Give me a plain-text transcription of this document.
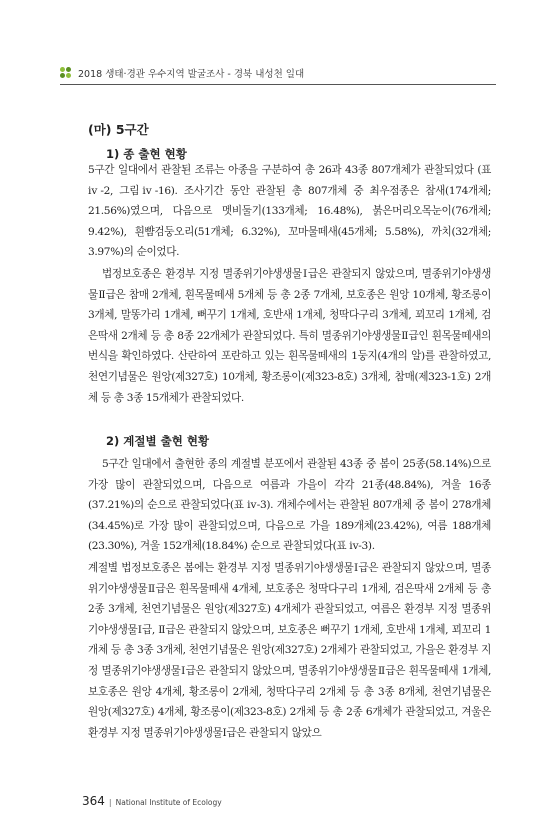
2018 생태·경관 우수지역 발굴조사 - 경북 내성천 일대
(마) 5구간
1) 종 출현 현황

5구간 일대에서 관찰된 조류는 아종을 구분하여 총 26과 43종 807개체가 관찰되었다 (표 ⅳ-2, 그림ⅳ-16). 조사기간 동안 관찰된 총 807개체 중 최우점종은 참새(174개체; 21.56%)였으며, 다음으로 멧비둘기(133개체; 16.48%), 붉은머리오목눈이(76개체; 9.42%), 흰뺨검둥오리(51개체; 6.32%), 꼬마물떼새(45개체; 5.58%), 까치(32개체; 3.97%)의 순이었다.

법정보호종은 환경부 지정 멸종위기야생생물Ⅰ급은 관찰되지 않았으며, 멸종위기야생생물Ⅱ급은 참매 2개체, 흰목물떼새 5개체 등 총 2종 7개체, 보호종은 원앙 10개체, 황조롱이 3개체, 말똥가리 1개체, 뻐꾸기 1개체, 호반새 1개체, 청딱다구리 3개체, 꾀꼬리 1개체, 검은딱새 2개체 등 총 8종 22개체가 관찰되었다. 특히 멸종위기야생생물Ⅱ급인 흰목물떼새의 번식을 확인하였다. 산란하여 포란하고 있는 흰목물떼새의 1둥지(4개의 알)를 관찰하였고, 천연기념물은 원앙(제327호) 10개체, 황조롱이(제323-8호) 3개체, 참매(제323-1호) 2개체 등 총 3종 15개체가 관찰되었다.

2) 계절별 출현 현황

5구간 일대에서 출현한 종의 계절별 분포에서 관찰된 43종 중 봄이 25종(58.14%)으로 가장 많이 관찰되었으며, 다음으로 여름과 가을이 각각 21종(48.84%), 겨울 16종(37.21%)의 순으로 관찰되었다(표 ⅳ-3). 개체수에서는 관찰된 807개체 중 봄이 278개체(34.45%)로 가장 많이 관찰되었으며, 다음으로 가을 189개체(23.42%), 여름 188개체(23.30%), 겨울 152개체(18.84%) 순으로 관찰되었다(표 ⅳ-3).

계절별 법정보호종은 봄에는 환경부 지정 멸종위기야생생물Ⅰ급은 관찰되지 않았으며, 멸종위기야생생물Ⅱ급은 흰목물떼새 4개체, 보호종은 청딱다구리 1개체, 검은딱새 2개체 등 총 2종 3개체, 천연기념물은 원앙(제327호) 4개체가 관찰되었고, 여름은 환경부 지정 멸종위기야생생물Ⅰ급, Ⅱ급은 관찰되지 않았으며, 보호종은 뻐꾸기 1개체, 호반새 1개체, 꾀꼬리 1개체 등 총 3종 3개체, 천연기념물은 원앙(제327호) 2개체가 관찰되었고, 가을은 환경부 지정 멸종위기야생생물Ⅰ급은 관찰되지 않았으며, 멸종위기야생생물Ⅱ급은 흰목물떼새 1개체, 보호종은 원앙 4개체, 황조롱이 2개체, 청딱다구리 2개체 등 총 3종 8개체, 천연기념물은 원앙(제327호) 4개체, 황조롱이(제323-8호) 2개체 등 총 2종 6개체가 관찰되었고, 겨울은 환경부 지정 멸종위기야생생물Ⅰ급은 관찰되지 않았으

364 | National Institute of Ecology
